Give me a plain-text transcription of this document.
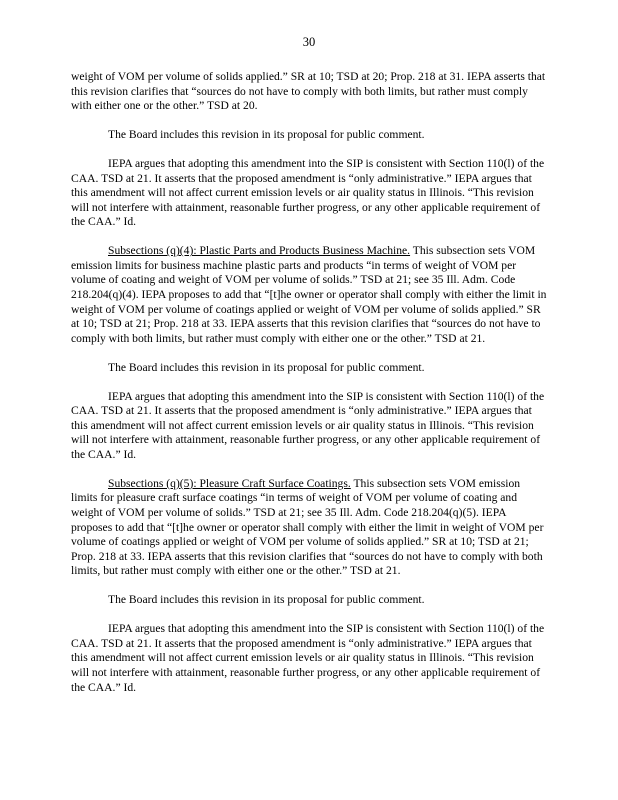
30

weight of VOM per volume of solids applied.” SR at 10; TSD at 20; Prop. 218 at 31. IEPA asserts that this revision clarifies that “sources do not have to comply with both limits, but rather must comply with either one or the other.” TSD at 20.

The Board includes this revision in its proposal for public comment.

IEPA argues that adopting this amendment into the SIP is consistent with Section 110(l) of the CAA. TSD at 21. It asserts that the proposed amendment is “only administrative.” IEPA argues that this amendment will not affect current emission levels or air quality status in Illinois. “This revision will not interfere with attainment, reasonable further progress, or any other applicable requirement of the CAA.” Id.

Subsections (q)(4): Plastic Parts and Products Business Machine. This subsection sets VOM emission limits for business machine plastic parts and products “in terms of weight of VOM per volume of coating and weight of VOM per volume of solids.” TSD at 21; see 35 Ill. Adm. Code 218.204(q)(4). IEPA proposes to add that “[t]he owner or operator shall comply with either the limit in weight of VOM per volume of coatings applied or weight of VOM per volume of solids applied.” SR at 10; TSD at 21; Prop. 218 at 33. IEPA asserts that this revision clarifies that “sources do not have to comply with both limits, but rather must comply with either one or the other.” TSD at 21.

The Board includes this revision in its proposal for public comment.

IEPA argues that adopting this amendment into the SIP is consistent with Section 110(l) of the CAA. TSD at 21. It asserts that the proposed amendment is “only administrative.” IEPA argues that this amendment will not affect current emission levels or air quality status in Illinois. “This revision will not interfere with attainment, reasonable further progress, or any other applicable requirement of the CAA.” Id.

Subsections (q)(5): Pleasure Craft Surface Coatings. This subsection sets VOM emission limits for pleasure craft surface coatings “in terms of weight of VOM per volume of coating and weight of VOM per volume of solids.” TSD at 21; see 35 Ill. Adm. Code 218.204(q)(5). IEPA proposes to add that “[t]he owner or operator shall comply with either the limit in weight of VOM per volume of coatings applied or weight of VOM per volume of solids applied.” SR at 10; TSD at 21; Prop. 218 at 33. IEPA asserts that this revision clarifies that “sources do not have to comply with both limits, but rather must comply with either one or the other.” TSD at 21.

The Board includes this revision in its proposal for public comment.

IEPA argues that adopting this amendment into the SIP is consistent with Section 110(l) of the CAA. TSD at 21. It asserts that the proposed amendment is “only administrative.” IEPA argues that this amendment will not affect current emission levels or air quality status in Illinois. “This revision will not interfere with attainment, reasonable further progress, or any other applicable requirement of the CAA.” Id.
